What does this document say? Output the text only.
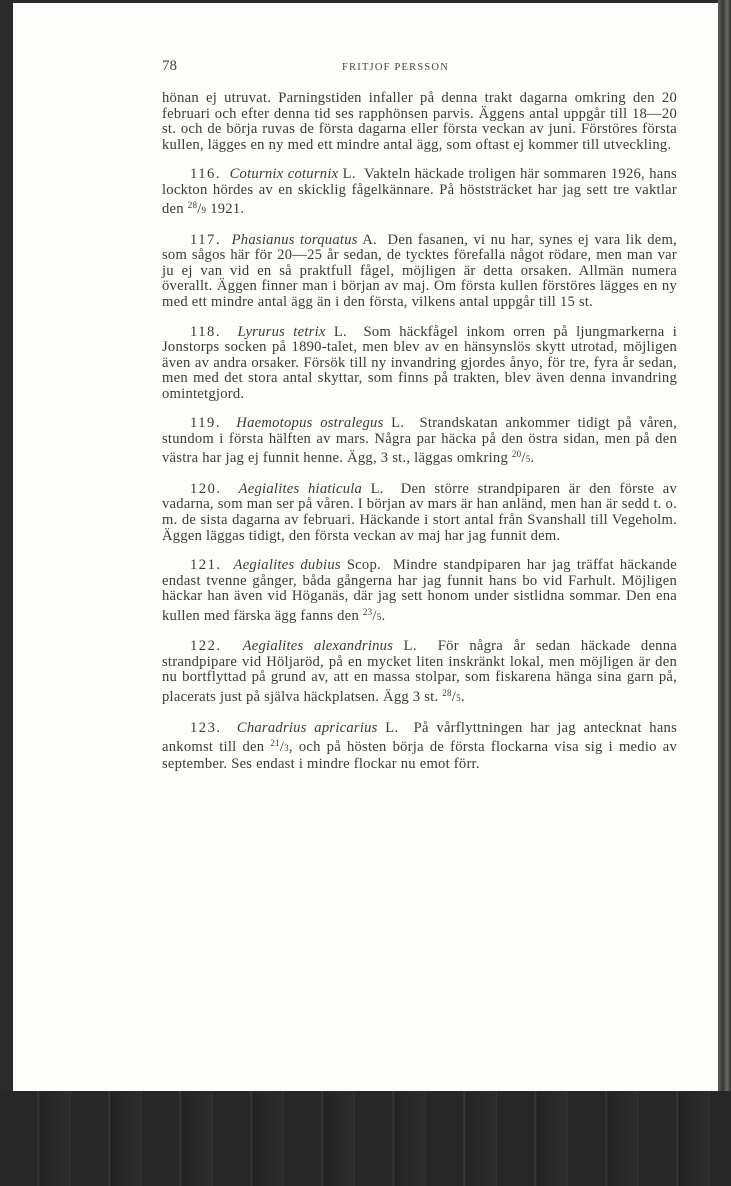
78	FRITJOF PERSSON

hönan ej utruvat. Parningstiden infaller på denna trakt dagarna omkring den 20 februari och efter denna tid ses rapphönsen parvis. Äggens antal uppgår till 18—20 st. och de börja ruvas de första dagarna eller första veckan av juni. Förstöres första kullen, lägges en ny med ett mindre antal ägg, som oftast ej kommer till utveckling.

116. Coturnix coturnix L. Vakteln häckade troligen här sommaren 1926, hans lockton hördes av en skicklig fågelkännare. På höststräcket har jag sett tre vaktlar den $^{28}$/9 1921.

117. Phasianus torquatus A. Den fasanen, vi nu har, synes ej vara lik dem, som sågos här för 20—25 år sedan, de tycktes förefalla något rödare, men man var ju ej van vid en så praktfull fågel, möjligen är detta orsaken. Allmän numera överallt. Äggen finner man i början av maj. Om första kullen förstöres lägges en ny med ett mindre antal ägg än i den första, vilkens antal uppgår till 15 st.

118. Lyrurus tetrix L. Som häckfågel inkom orren på ljungmarkerna i Jonstorps socken på 1890-talet, men blev av en hänsynslös skytt utrotad, möjligen även av andra orsaker. Försök till ny invandring gjordes ånyo, för tre, fyra år sedan, men med det stora antal skyttar, som finns på trakten, blev även denna invandring omintetgjord.

119. Haemotopus ostralegus L. Strandskatan ankommer tidigt på våren, stundom i första hälften av mars. Några par häcka på den östra sidan, men på den västra har jag ej funnit henne. Ägg, 3 st., läggas omkring $^{20}$/5.

120. Aegialites hiaticula L. Den större strandpiparen är den förste av vadarna, som man ser på våren. I början av mars är han anländ, men han är sedd t. o. m. de sista dagarna av februari. Häckande i stort antal från Svanshall till Vegeholm. Äggen läggas tidigt, den första veckan av maj har jag funnit dem.

121. Aegialites dubius Scop. Mindre standpiparen har jag träffat häckande endast tvenne gånger, båda gångerna har jag funnit hans bo vid Farhult. Möjligen häckar han även vid Höganäs, där jag sett honom under sistlidna sommar. Den ena kullen med färska ägg fanns den $^{23}$/5.

122. Aegialites alexandrinus L. För några år sedan häckade denna strandpipare vid Höljaröd, på en mycket liten inskränkt lokal, men möjligen är den nu bortflyttad på grund av, att en massa stolpar, som fiskarena hänga sina garn på, placerats just på själva häckplatsen. Ägg 3 st. $^{28}$/5.

123. Charadrius apricarius L. På vårflyttningen har jag antecknat hans ankomst till den $^{21}$/3, och på hösten börja de första flockarna visa sig i medio av september. Ses endast i mindre flockar nu emot förr.
